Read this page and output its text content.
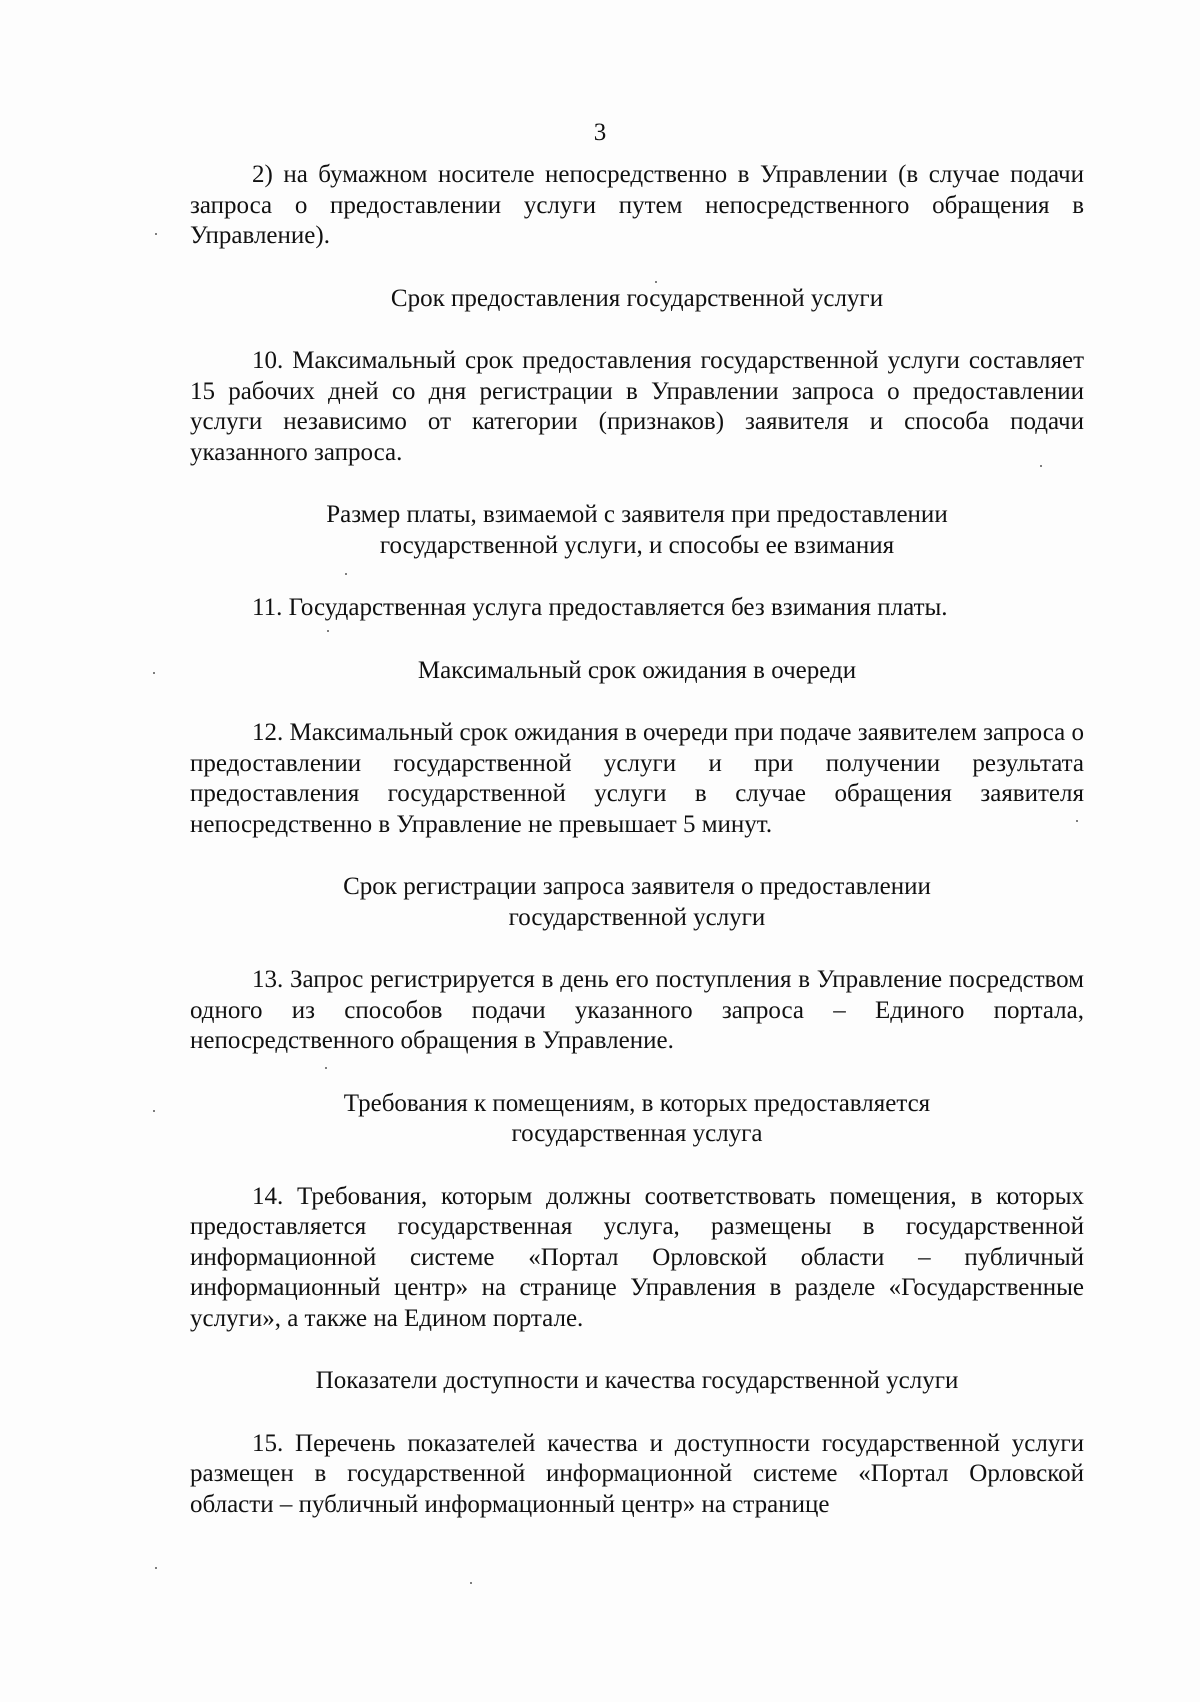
3

2) на бумажном носителе непосредственно в Управлении (в случае подачи запроса о предоставлении услуги путем непосредственного обращения в Управление).

Срок предоставления государственной услуги

10. Максимальный срок предоставления государственной услуги составляет 15 рабочих дней со дня регистрации в Управлении запроса о предоставлении услуги независимо от категории (признаков) заявителя и способа подачи указанного запроса.

Размер платы, взимаемой с заявителя при предоставлении
государственной услуги, и способы ее взимания

11. Государственная услуга предоставляется без взимания платы.

Максимальный срок ожидания в очереди

12. Максимальный срок ожидания в очереди при подаче заявителем запроса о предоставлении государственной услуги и при получении результата предоставления государственной услуги в случае обращения заявителя непосредственно в Управление не превышает 5 минут.

Срок регистрации запроса заявителя о предоставлении
государственной услуги

13. Запрос регистрируется в день его поступления в Управление посредством одного из способов подачи указанного запроса – Единого портала, непосредственного обращения в Управление.

Требования к помещениям, в которых предоставляется
государственная услуга

14. Требования, которым должны соответствовать помещения, в которых предоставляется государственная услуга, размещены в государственной информационной системе «Портал Орловской области – публичный информационный центр» на странице Управления в разделе «Государственные услуги», а также на Едином портале.

Показатели доступности и качества государственной услуги

15. Перечень показателей качества и доступности государственной услуги размещен в государственной информационной системе «Портал Орловской области – публичный информационный центр» на странице
